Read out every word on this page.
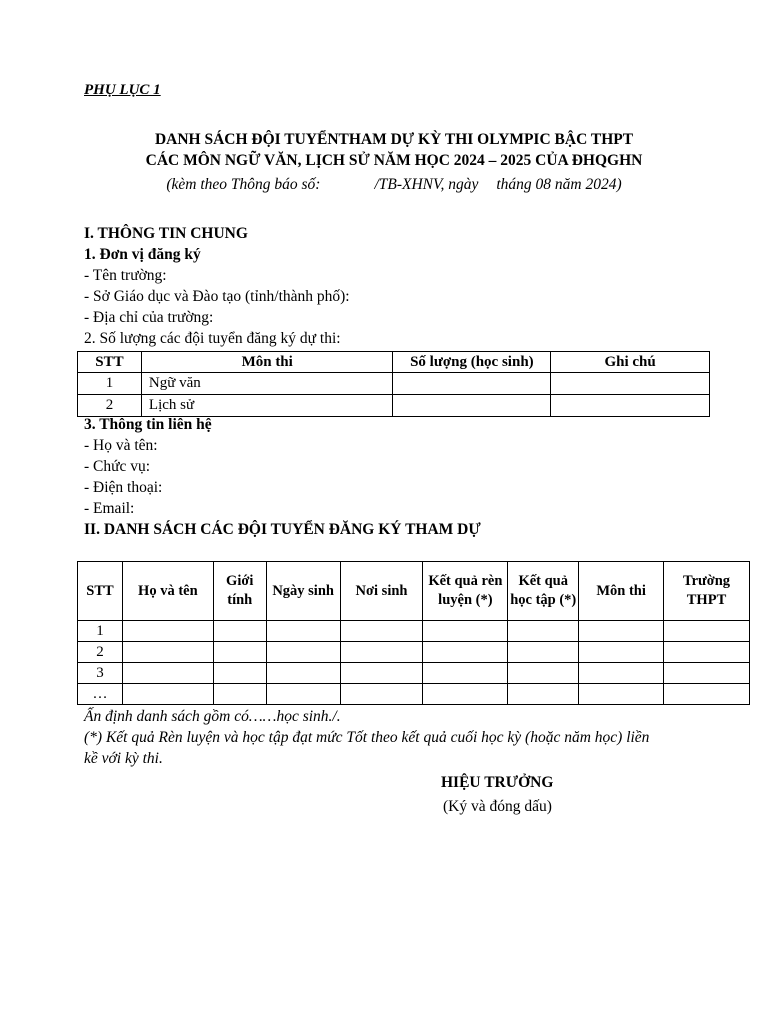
PHỤ LỤC 1
DANH SÁCH ĐỘI TUYỂNTHAM DỰ KỲ THI OLYMPIC BẬC THPT
CÁC MÔN NGỮ VĂN, LỊCH SỬ NĂM HỌC 2024 – 2025 CỦA ĐHQGHN
(kèm theo Thông báo số:	/TB-XHNV, ngày tháng 08 năm 2024)
I. THÔNG TIN CHUNG
1. Đơn vị đăng ký
- Tên trường:
- Sở Giáo dục và Đào tạo (tỉnh/thành phố):
- Địa chỉ của trường:
2. Số lượng các đội tuyển đăng ký dự thi:
STT	Môn thi	Số lượng (học sinh)	Ghi chú
1	Ngữ văn		
2	Lịch sử		
3. Thông tin liên hệ
- Họ và tên:
- Chức vụ:
- Điện thoại:
- Email:
II. DANH SÁCH CÁC ĐỘI TUYỂN ĐĂNG KÝ THAM DỰ
STT	Họ và tên	Giới tính	Ngày sinh	Nơi sinh	Kết quả rèn luyện (*)	Kết quả học tập (*)	Môn thi	Trường THPT
1								
2								
3								
…								
Ấn định danh sách gồm có……học sinh./.
(*) Kết quả Rèn luyện và học tập đạt mức Tốt theo kết quả cuối học kỳ (hoặc năm học) liền
kề với kỳ thi.
HIỆU TRƯỞNG
(Ký và đóng dấu)
